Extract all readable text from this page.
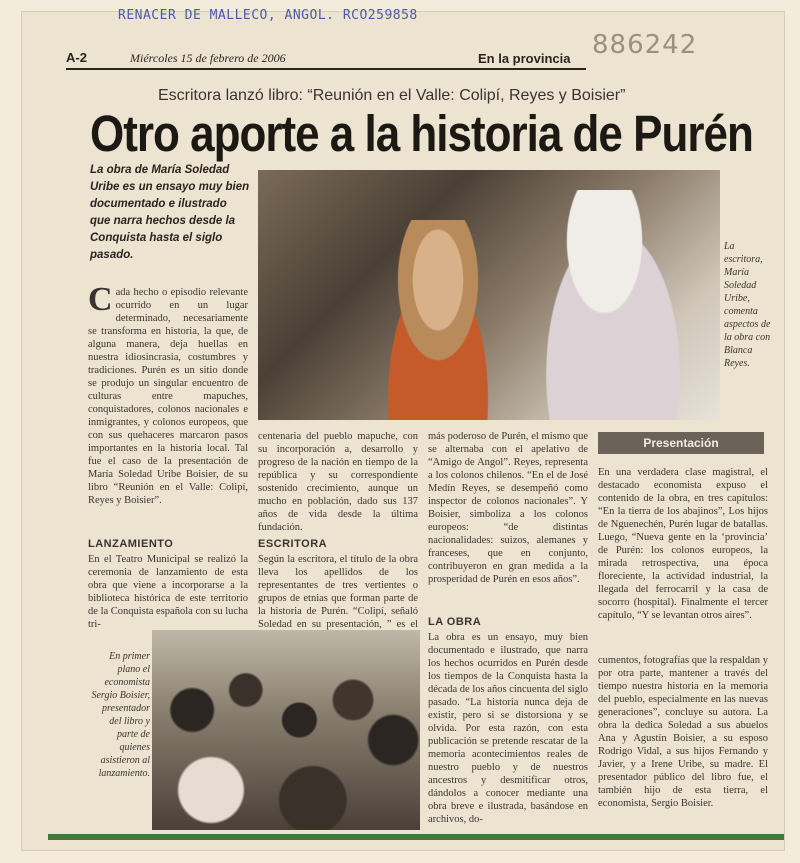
RENACER DE MALLECO, ANGOL. RCO259858
886242
A-2	Miércoles 15 de febrero de 2006	En la provincia
Escritora lanzó libro: “Reunión en el Valle: Colipí, Reyes y Boisier”
Otro aporte a la historia de Purén
La obra de María Soledad Uribe es un ensayo muy bien documentado e ilustrado que narra hechos desde la Conquista hasta el siglo pasado.
La escritora, María Soledad Uribe, comenta aspectos de la obra con Blanca Reyes.
Cada hecho o episodio relevante ocurrido en un lugar determinado, necesariamente se transforma en historia, la que, de alguna manera, deja huellas en nuestra idiosincrasia, costumbres y tradiciones. Purén es un sitio donde se produjo un singular encuentro de culturas entre mapuches, conquistadores, colonos nacionales e inmigrantes, y colonos europeos, que con sus quehaceres marcaron pasos importantes en la historia local. Tal fue el caso de la presentación de María Soledad Uribe Boisier, de su libro “Reunión en el Valle: Colipí, Reyes y Boisier”.
LANZAMIENTO
En el Teatro Municipal se realizó la ceremonia de lanzamiento de esta obra que viene a incorporarse a la biblioteca histórica de este territorio de la Conquista española con su lucha tri-
centenaria del pueblo mapuche, con su incorporación a, desarrollo y progreso de la nación en tiempo de la república y su correspondiente sostenido crecimiento, aunque un mucho en población, dado sus 137 años de vida desde la última fundación.
ESCRITORA
Según la escritora, el título de la obra lleva los apellidos de los representantes de tres vertientes o grupos de etnias que forman parte de la historia de Purén. “Colipí, señaló Soledad en su presentación, ” es el
más poderoso de Purén, el mismo que se alternaba con el apelativo de “Amigo de Angol”. Reyes, representa a los colonos chilenos. “En el de José Medín Reyes, se desempeñó como inspector de colonos nacionales”. Y Boisier, simboliza a los colonos europeos: “de distintas nacionalidades: suizos, alemanes y franceses, que en conjunto, contribuyeron en gran medida a la prosperidad de Purén en esos años”.
LA OBRA
La obra es un ensayo, muy bien documentado e ilustrado, que narra los hechos ocurridos en Purén desde los tiempos de la Conquista hasta la década de los años cincuenta del siglo pasado. “La historia nunca deja de existir, pero si se distorsiona y se olvida. Por esta razón, con esta publicación se pretende rescatar de la memoria acontecimientos reales de nuestro pueblo y de nuestros ancestros y desmitificar otros, dándolos a conocer mediante una obra breve e ilustrada, basándose en archivos, do-
Presentación
En una verdadera clase magistral, el destacado economista expuso el contenido de la obra, en tres capítulos: “En la tierra de los abajinos”, Los hijos de Nguenechén, Purén lugar de batallas. Luego, “Nueva gente en la ‘provincia’ de Purén: los colonos europeos, la mirada retrospectiva, una época floreciente, la actividad industrial, la llegada del ferrocarril y la casa de socorro (hospital). Finalmente el tercer capítulo, “Y se levantan otros aires”.
cumentos, fotografías que la respaldan y por otra parte, mantener a través del tiempo nuestra historia en la memoria del pueblo, especialmente en las nuevas generaciones”, concluye su autora. La obra la dedica Soledad a sus abuelos Ana y Agustín Boisier, a su esposo Rodrigo Vidal, a sus hijos Fernando y Javier, y a Irene Uribe, su madre. El presentador público del libro fue, el también hijo de esta tierra, el economista, Sergio Boisier.
En primer plano el economista Sergio Boisier, presentador del libro y parte de quienes asistieron al lanzamiento.
